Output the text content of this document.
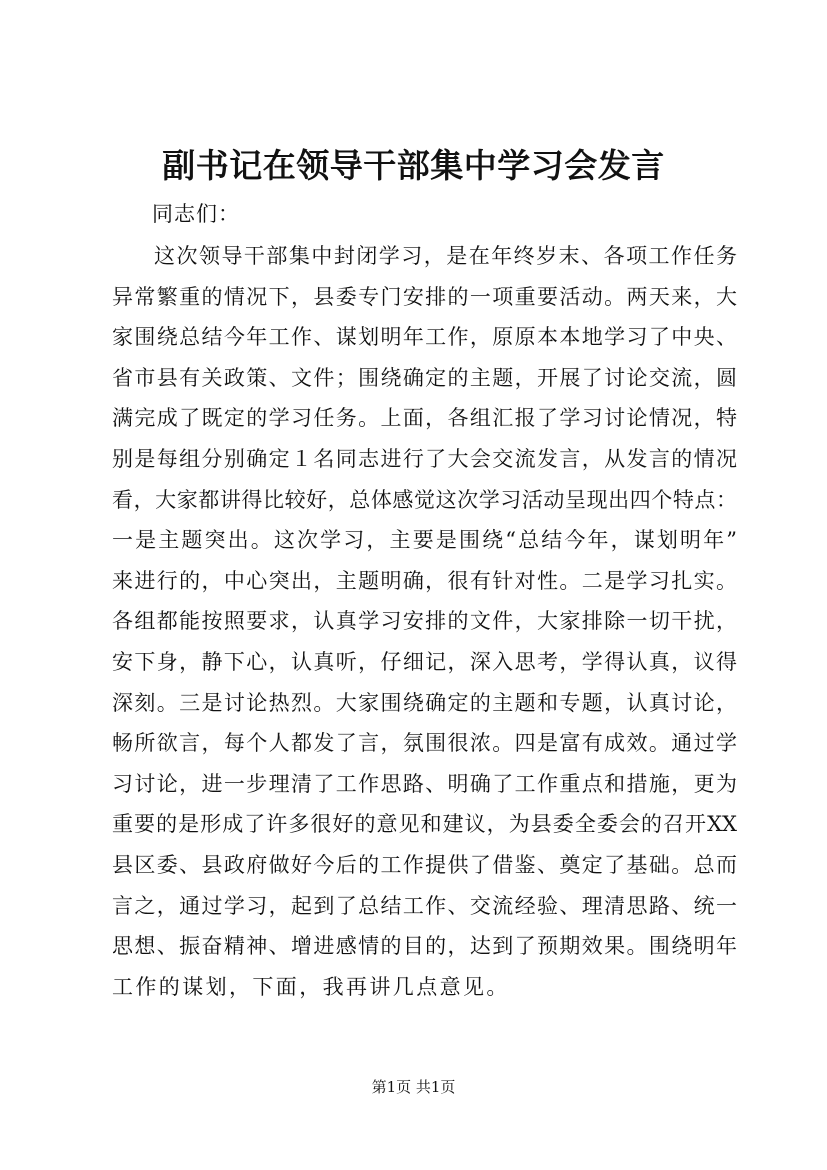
副书记在领导干部集中学习会发言
同志们：
这次领导干部集中封闭学习，是在年终岁末、各项工作任务
异常繁重的情况下，县委专门安排的一项重要活动。两天来，大
家围绕总结今年工作、谋划明年工作，原原本本地学习了中央、
省市县有关政策、文件；围绕确定的主题，开展了讨论交流，圆
满完成了既定的学习任务。上面，各组汇报了学习讨论情况，特
别是每组分别确定１名同志进行了大会交流发言，从发言的情况
看，大家都讲得比较好，总体感觉这次学习活动呈现出四个特点：
一是主题突出。这次学习，主要是围绕“总结今年，谋划明年”
来进行的，中心突出，主题明确，很有针对性。二是学习扎实。
各组都能按照要求，认真学习安排的文件，大家排除一切干扰，
安下身，静下心，认真听，仔细记，深入思考，学得认真，议得
深刻。三是讨论热烈。大家围绕确定的主题和专题，认真讨论，
畅所欲言，每个人都发了言，氛围很浓。四是富有成效。通过学
习讨论，进一步理清了工作思路、明确了工作重点和措施，更为
重要的是形成了许多很好的意见和建议，为县委全委会的召开XX
县区委、县政府做好今后的工作提供了借鉴、奠定了基础。总而
言之，通过学习，起到了总结工作、交流经验、理清思路、统一
思想、振奋精神、增进感情的目的，达到了预期效果。围绕明年
工作的谋划，下面，我再讲几点意见。
第1页 共1页
